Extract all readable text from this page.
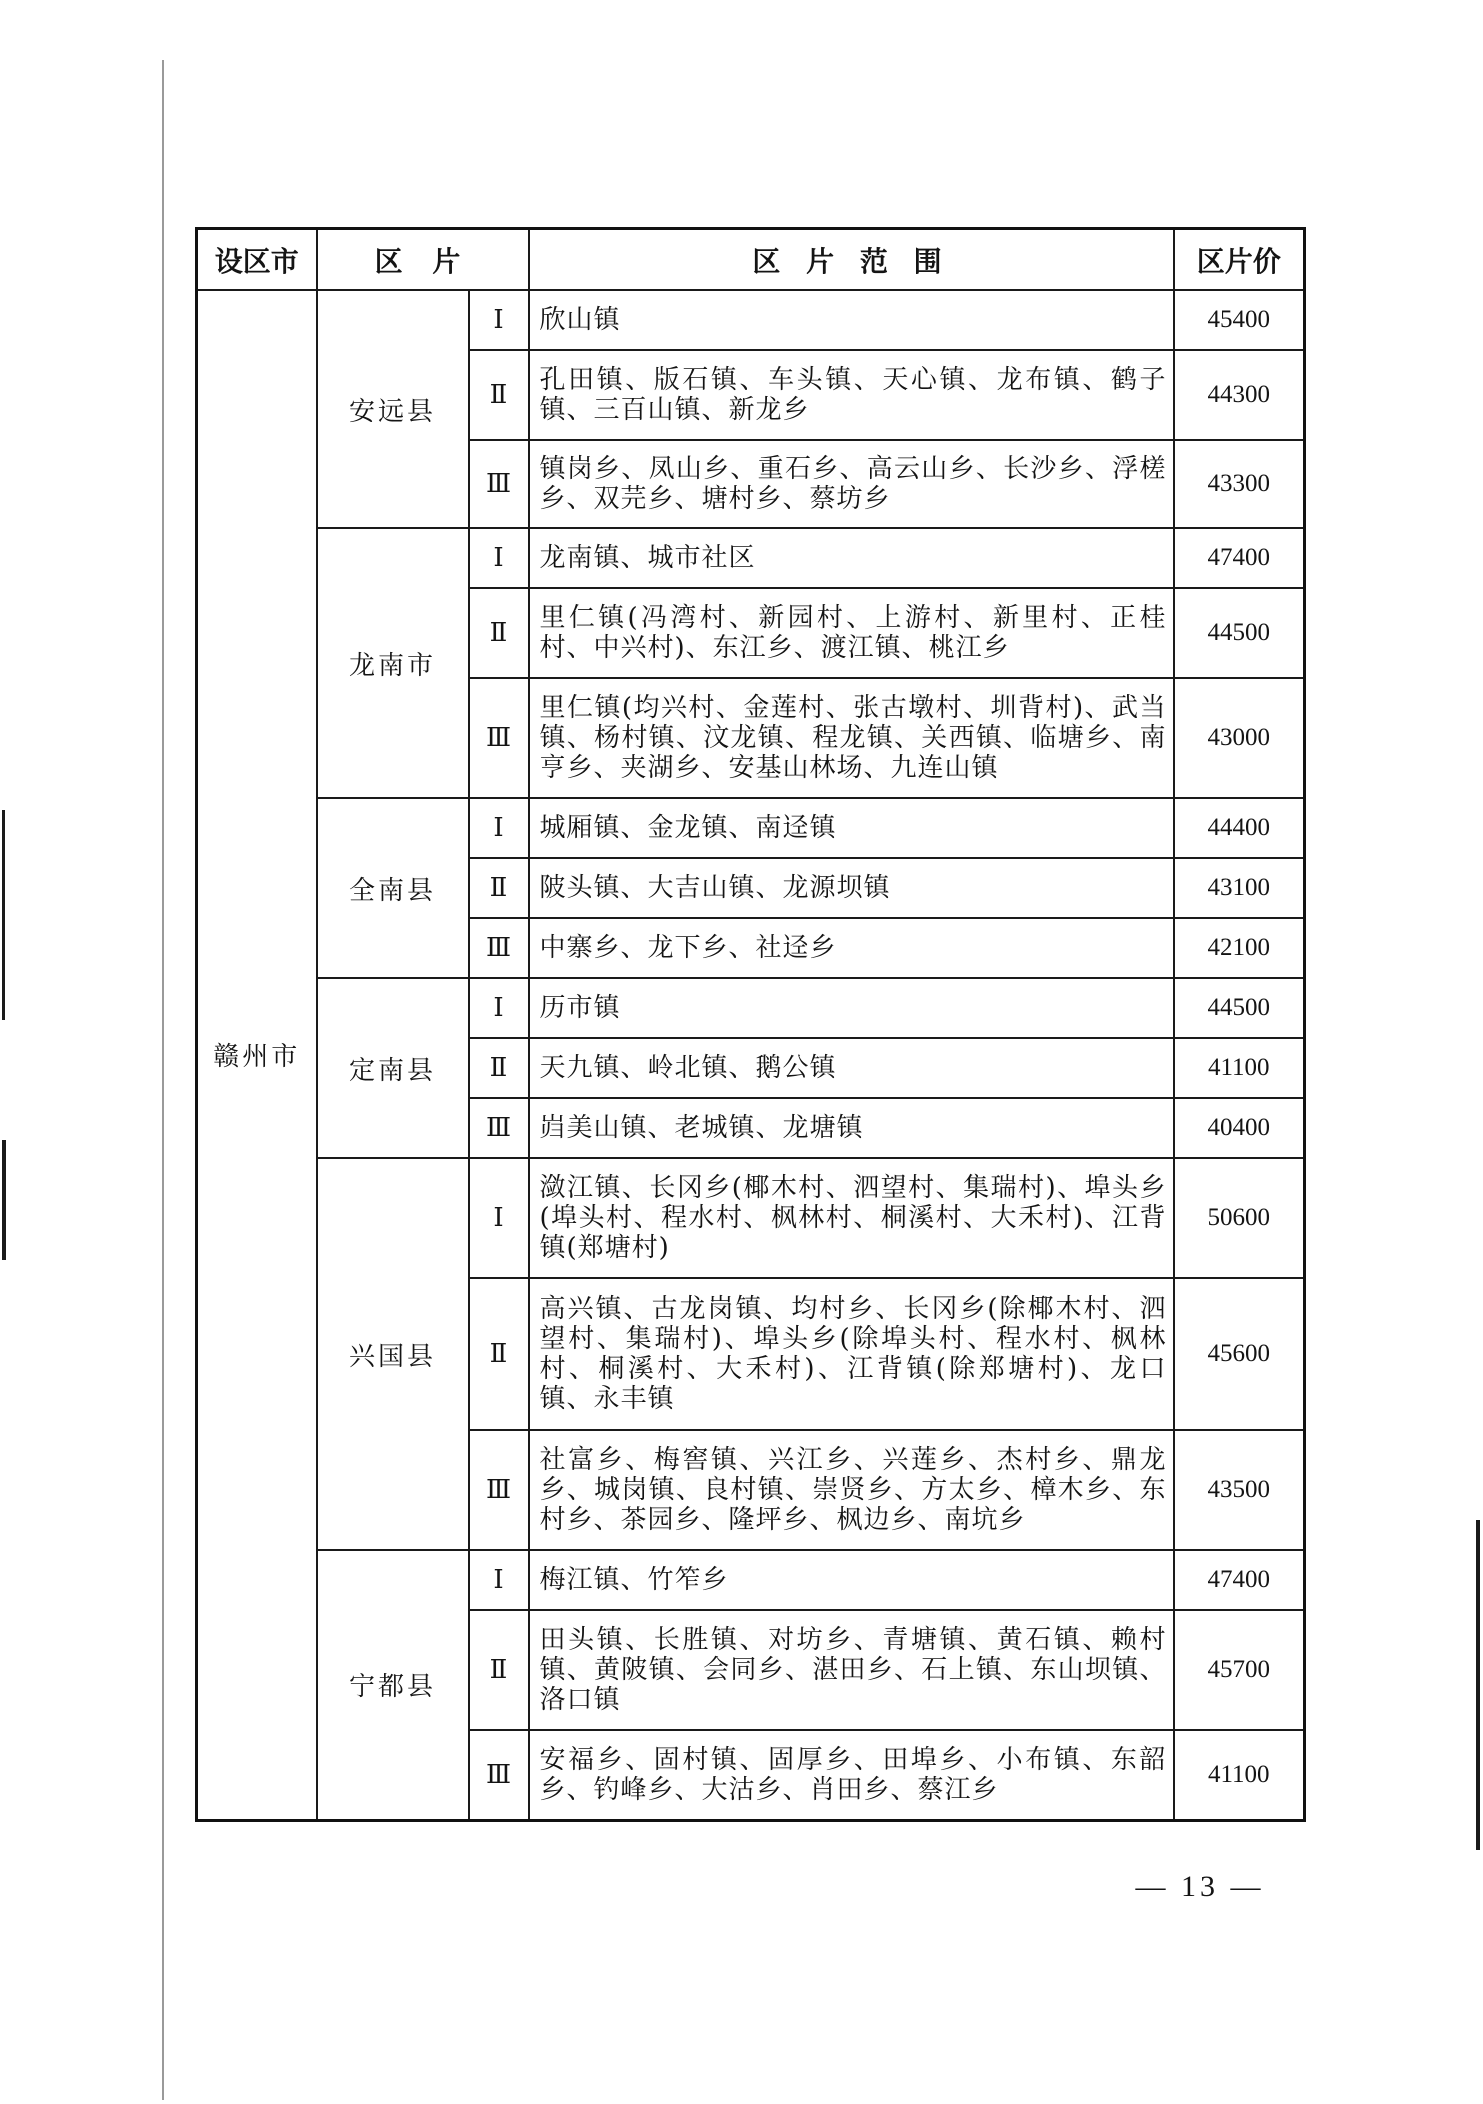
设区市	区 片		区 片 范 围	区片价
赣州市	安远县	Ⅰ	欣山镇	45400
		Ⅱ	孔田镇、版石镇、车头镇、天心镇、龙布镇、鹤子镇、三百山镇、新龙乡	44300
		Ⅲ	镇岗乡、凤山乡、重石乡、高云山乡、长沙乡、浮槎乡、双芫乡、塘村乡、蔡坊乡	43300
	龙南市	Ⅰ	龙南镇、城市社区	47400
		Ⅱ	里仁镇(冯湾村、新园村、上游村、新里村、正桂村、中兴村)、东江乡、渡江镇、桃江乡	44500
		Ⅲ	里仁镇(均兴村、金莲村、张古墩村、圳背村)、武当镇、杨村镇、汶龙镇、程龙镇、关西镇、临塘乡、南亨乡、夹湖乡、安基山林场、九连山镇	43000
	全南县	Ⅰ	城厢镇、金龙镇、南迳镇	44400
		Ⅱ	陂头镇、大吉山镇、龙源坝镇	43100
		Ⅲ	中寨乡、龙下乡、社迳乡	42100
	定南县	Ⅰ	历市镇	44500
		Ⅱ	天九镇、岭北镇、鹅公镇	41100
		Ⅲ	岿美山镇、老城镇、龙塘镇	40400
	兴国县	Ⅰ	潋江镇、长冈乡(椰木村、泗望村、集瑞村)、埠头乡(埠头村、程水村、枫林村、桐溪村、大禾村)、江背镇(郑塘村)	50600
		Ⅱ	高兴镇、古龙岗镇、均村乡、长冈乡(除椰木村、泗望村、集瑞村)、埠头乡(除埠头村、程水村、枫林村、桐溪村、大禾村)、江背镇(除郑塘村)、龙口镇、永丰镇	45600
		Ⅲ	社富乡、梅窖镇、兴江乡、兴莲乡、杰村乡、鼎龙乡、城岗镇、良村镇、崇贤乡、方太乡、樟木乡、东村乡、茶园乡、隆坪乡、枫边乡、南坑乡	43500
	宁都县	Ⅰ	梅江镇、竹笮乡	47400
		Ⅱ	田头镇、长胜镇、对坊乡、青塘镇、黄石镇、赖村镇、黄陂镇、会同乡、湛田乡、石上镇、东山坝镇、洛口镇	45700
		Ⅲ	安福乡、固村镇、固厚乡、田埠乡、小布镇、东韶乡、钓峰乡、大沽乡、肖田乡、蔡江乡	41100
— 13 —
